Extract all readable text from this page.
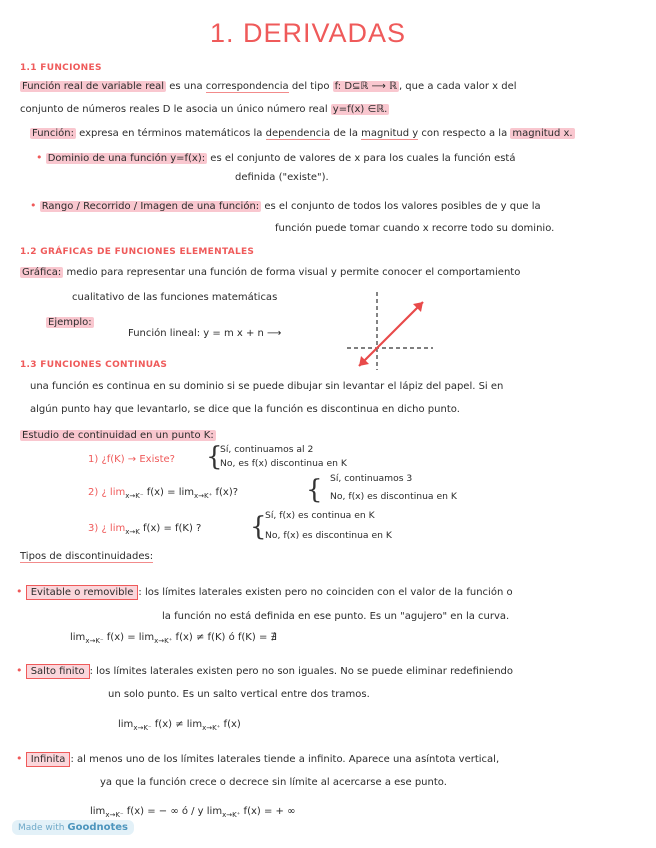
1. DERIVADAS
1.1 FUNCIONES
Función real de variable real es una correspondencia del tipo f: D⊆ℝ ⟶ ℝ , que a cada valor x del
conjunto de números reales D le asocia un único número real y=f(x) ∈ℝ.
Función: expresa en términos matemáticos la dependencia de la magnitud y con respecto a la magnitud x.
• Dominio de una función y=f(x): es el conjunto de valores de x para los cuales la función está
definida ("existe").
• Rango / Recorrido / Imagen de una función: es el conjunto de todos los valores posibles de y que la
función puede tomar cuando x recorre todo su dominio.
1.2 GRÁFICAS DE FUNCIONES ELEMENTALES
Gráfica: medio para representar una función de forma visual y permite conocer el comportamiento
cualitativo de las funciones matemáticas
Ejemplo:
Función lineal: y = m x + n ⟶
1.3 FUNCIONES CONTINUAS
una función es continua en su dominio si se puede dibujar sin levantar el lápiz del papel. Si en
algún punto hay que levantarlo, se dice que la función es discontinua en dicho punto.
Estudio de continuidad en un punto K:
1) ¿f(K) → Existe? {
Sí, continuamos al 2
No, es f(x) discontinua en K
2) ¿ $\lim_{x\to K^-} f(x) = \lim_{x\to K^+} f(x)$?	{ Sí, continuamos 3
No, f(x) es discontinua en K
3) ¿ $\lim_{x\to K} f(x) = f(K)$ ? {
Sí, f(x) es continua en K
No, f(x) es discontinua en K
Tipos de discontinuidades:
• Evitable o removible : los límites laterales existen pero no coinciden con el valor de la función o
la función no está definida en ese punto. Es un "agujero" en la curva.
$\lim_{x\to K^-} f(x) = \lim_{x\to K^+} f(x) \ne f(K)$ ó f(K) = ∄
• Salto finito : los límites laterales existen pero no son iguales. No se puede eliminar redefiniendo
un solo punto. Es un salto vertical entre dos tramos.
$\lim_{x\to K^-} f(x) \ne \lim_{x\to K^+} f(x)$
• Infinita : al menos uno de los límites laterales tiende a infinito. Aparece una asíntota vertical,
ya que la función crece o decrece sin límite al acercarse a ese punto.
$\lim_{x\to K^-} f(x)$ = − ∞ ó / y $\lim_{x\to K^+} f(x)$ = + ∞
Made with Goodnotes
